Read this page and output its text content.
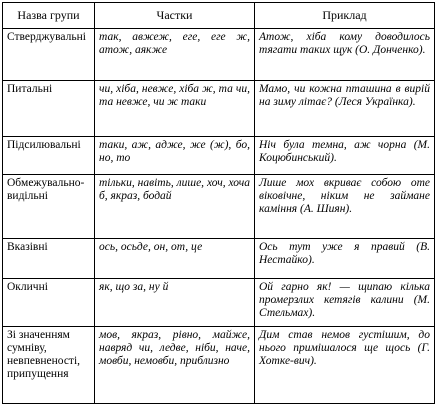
Назва групи	Частки	Приклад
Стверджувальні	так, авжеж, еге, еге ж, атож, аякже	Атож, хіба кому доводилось тягати таких щук (О. Донченко).
Питальні	чи, хіба, невже, хіба ж, та чи, та невже, чи ж таки	Мамо, чи кожна пташина в вирій на зиму літає? (Леся Українка).
Підсилювальні	таки, аж, адже, же (ж), бо, но, то	Ніч була темна, аж чорна (М. Коцюбинський).
Обмежувально-видільні	тільки, навіть, лише, хоч, хоча б, якраз, бодай	Лише мох вкриває собою оте віковічне, ніким не займане каміння (А. Шиян).
Вказівні	ось, осьде, он, от, це	Ось тут уже я правий (В. Нестайко).
Окличні	як, що за, ну й	Ой гарно як! — щипаю кілька промерзлих кетягів калини (М. Стельмах).
Зі значенням сумніву, невпевненості, припущення	мов, якраз, рівно, майже, навряд чи, ледве, ніби, наче, мовби, немовби, приблизно	Дим став немов густішим, до нього примішалося ще щось (Г. Хотке-вич).
